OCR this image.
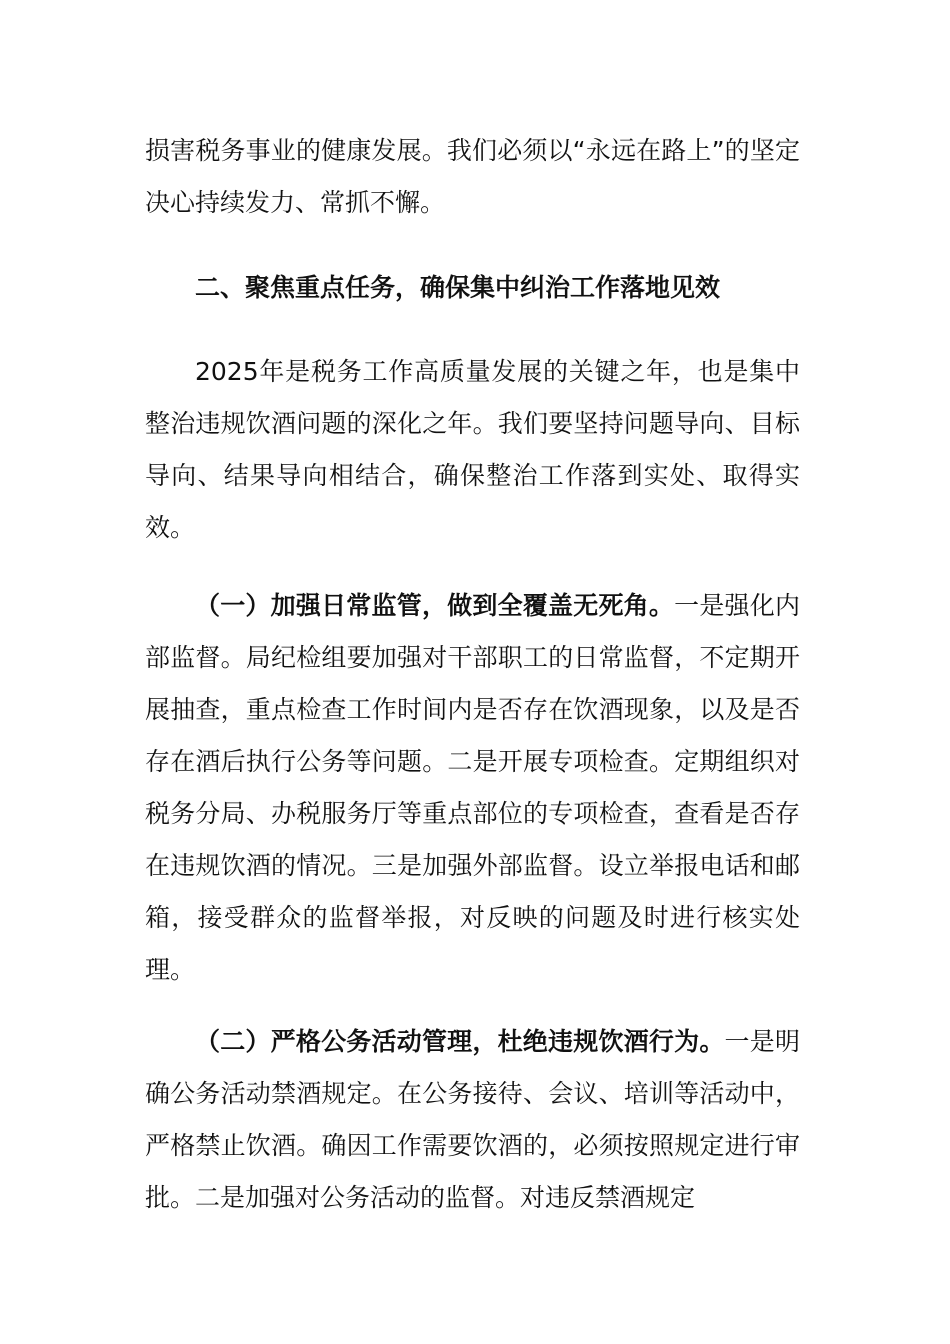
损害税务事业的健康发展。我们必须以“永远在路上”的坚定决心持续发力、常抓不懈。

二、聚焦重点任务，确保集中纠治工作落地见效

2025年是税务工作高质量发展的关键之年，也是集中整治违规饮酒问题的深化之年。我们要坚持问题导向、目标导向、结果导向相结合，确保整治工作落到实处、取得实效。

（一）加强日常监管，做到全覆盖无死角。一是强化内部监督。局纪检组要加强对干部职工的日常监督，不定期开展抽查，重点检查工作时间内是否存在饮酒现象，以及是否存在酒后执行公务等问题。二是开展专项检查。定期组织对税务分局、办税服务厅等重点部位的专项检查，查看是否存在违规饮酒的情况。三是加强外部监督。设立举报电话和邮箱，接受群众的监督举报，对反映的问题及时进行核实处理。

（二）严格公务活动管理，杜绝违规饮酒行为。一是明确公务活动禁酒规定。在公务接待、会议、培训等活动中，严格禁止饮酒。确因工作需要饮酒的，必须按照规定进行审批。二是加强对公务活动的监督。对违反禁酒规定
